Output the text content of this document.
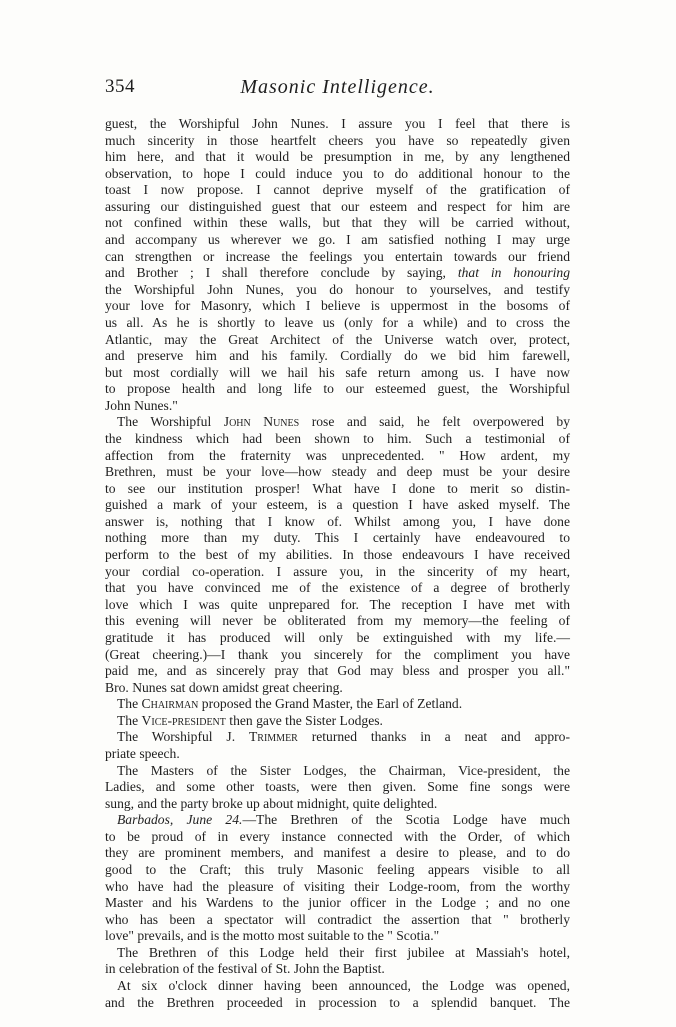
354	Masonic Intelligence.
guest, the Worshipful John Nunes. I assure you I feel that there is
much sincerity in those heartfelt cheers you have so repeatedly given
him here, and that it would be presumption in me, by any lengthened
observation, to hope I could induce you to do additional honour to the
toast I now propose. I cannot deprive myself of the gratification of
assuring our distinguished guest that our esteem and respect for him are
not confined within these walls, but that they will be carried without,
and accompany us wherever we go. I am satisfied nothing I may urge
can strengthen or increase the feelings you entertain towards our friend
and Brother ; I shall therefore conclude by saying, that in honouring
the Worshipful John Nunes, you do honour to yourselves, and testify
your love for Masonry, which I believe is uppermost in the bosoms of
us all. As he is shortly to leave us (only for a while) and to cross the
Atlantic, may the Great Architect of the Universe watch over, protect,
and preserve him and his family. Cordially do we bid him farewell,
but most cordially will we hail his safe return among us. I have now
to propose health and long life to our esteemed guest, the Worshipful
John Nunes."
The Worshipful John Nunes rose and said, he felt overpowered by
the kindness which had been shown to him. Such a testimonial of
affection from the fraternity was unprecedented. " How ardent, my
Brethren, must be your love—how steady and deep must be your desire
to see our institution prosper! What have I done to merit so distin-
guished a mark of your esteem, is a question I have asked myself. The
answer is, nothing that I know of. Whilst among you, I have done
nothing more than my duty. This I certainly have endeavoured to
perform to the best of my abilities. In those endeavours I have received
your cordial co-operation. I assure you, in the sincerity of my heart,
that you have convinced me of the existence of a degree of brotherly
love which I was quite unprepared for. The reception I have met with
this evening will never be obliterated from my memory—the feeling of
gratitude it has produced will only be extinguished with my life.—
(Great cheering.)—I thank you sincerely for the compliment you have
paid me, and as sincerely pray that God may bless and prosper you all."
Bro. Nunes sat down amidst great cheering.
The Chairman proposed the Grand Master, the Earl of Zetland.
The Vice-president then gave the Sister Lodges.
The Worshipful J. Trimmer returned thanks in a neat and appro-
priate speech.
The Masters of the Sister Lodges, the Chairman, Vice-president, the
Ladies, and some other toasts, were then given. Some fine songs were
sung, and the party broke up about midnight, quite delighted.
Barbados, June 24.—The Brethren of the Scotia Lodge have much
to be proud of in every instance connected with the Order, of which
they are prominent members, and manifest a desire to please, and to do
good to the Craft; this truly Masonic feeling appears visible to all
who have had the pleasure of visiting their Lodge-room, from the worthy
Master and his Wardens to the junior officer in the Lodge ; and no one
who has been a spectator will contradict the assertion that " brotherly
love" prevails, and is the motto most suitable to the " Scotia."
The Brethren of this Lodge held their first jubilee at Massiah's hotel,
in celebration of the festival of St. John the Baptist.
At six o'clock dinner having been announced, the Lodge was opened,
and the Brethren proceeded in procession to a splendid banquet. The
